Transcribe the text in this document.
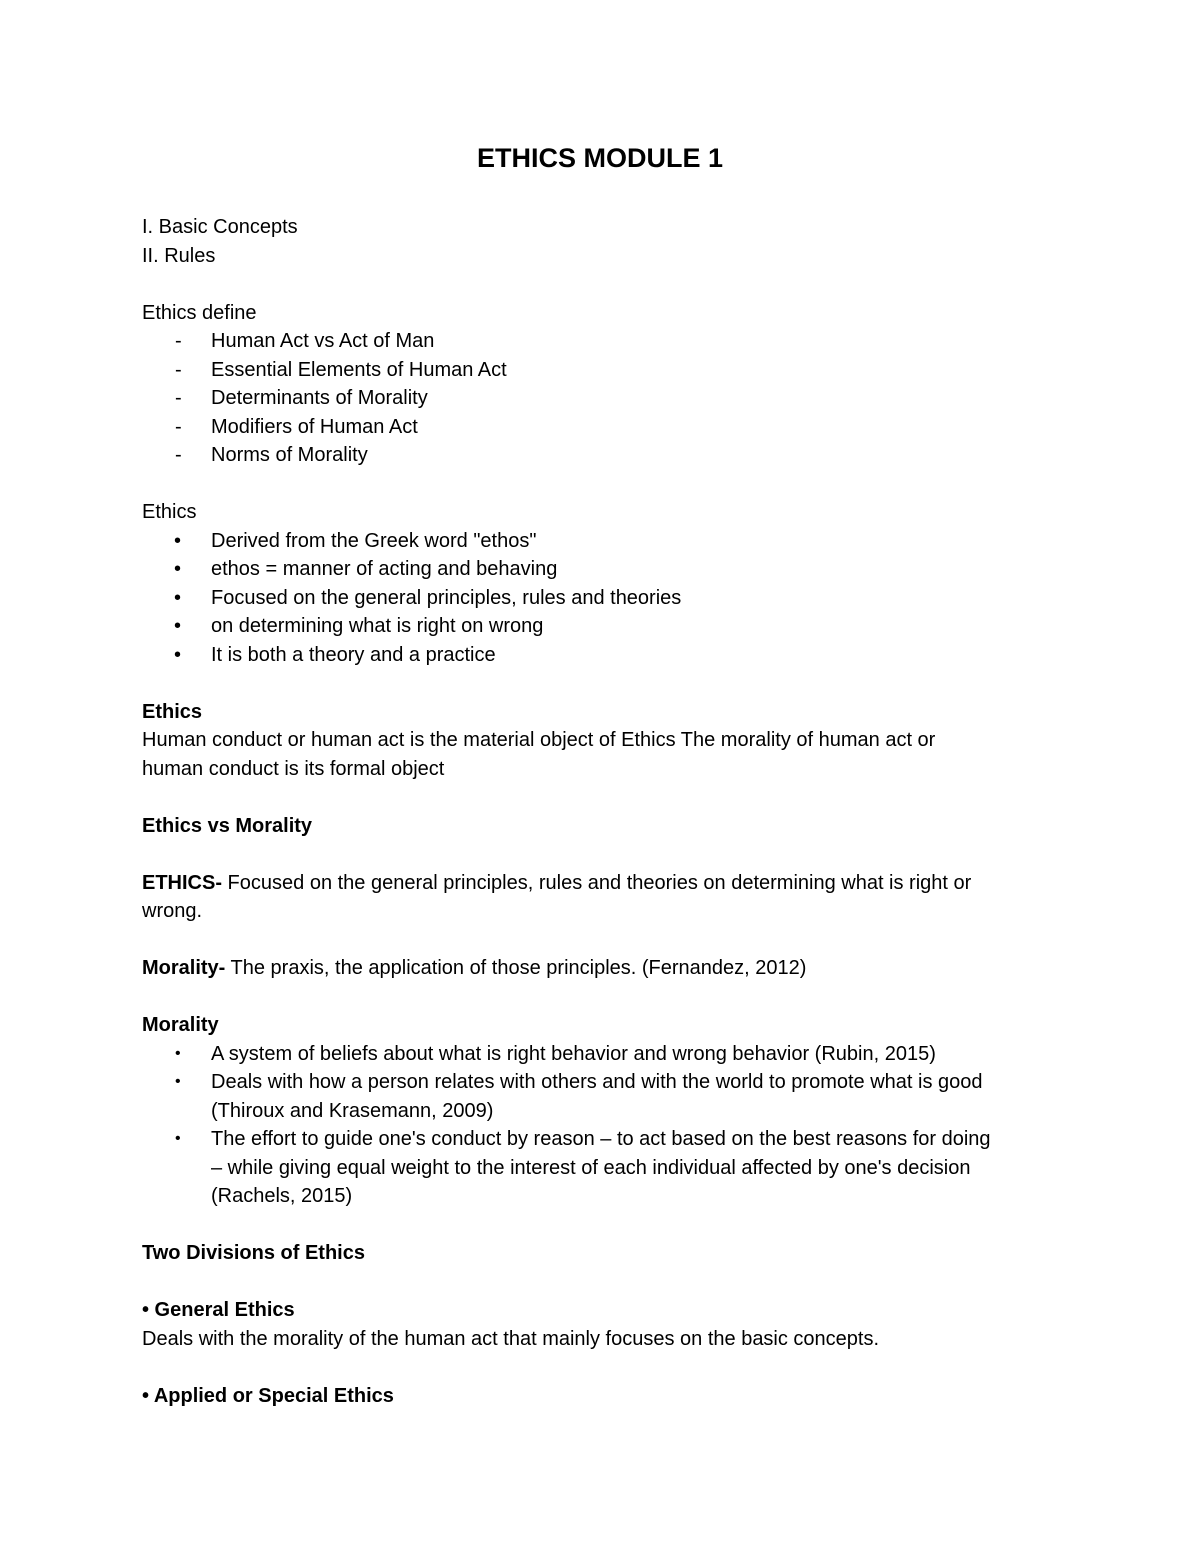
ETHICS MODULE 1
I. Basic Concepts
II. Rules
Ethics define
-	Human Act vs Act of Man
-	Essential Elements of Human Act
-	Determinants of Morality
-	Modifiers of Human Act
-	Norms of Morality
Ethics
•	Derived from the Greek word "ethos"
•	ethos = manner of acting and behaving
•	Focused on the general principles, rules and theories
•	on determining what is right on wrong
•	It is both a theory and a practice
Ethics
Human conduct or human act is the material object of Ethics The morality of human act or
human conduct is its formal object
Ethics vs Morality
ETHICS- Focused on the general principles, rules and theories on determining what is right or
wrong.
Morality- The praxis, the application of those principles. (Fernandez, 2012)
Morality
•	A system of beliefs about what is right behavior and wrong behavior (Rubin, 2015)
•	Deals with how a person relates with others and with the world to promote what is good
(Thiroux and Krasemann, 2009)
•	The effort to guide one's conduct by reason – to act based on the best reasons for doing
– while giving equal weight to the interest of each individual affected by one's decision
(Rachels, 2015)
Two Divisions of Ethics
• General Ethics
Deals with the morality of the human act that mainly focuses on the basic concepts.
• Applied or Special Ethics
